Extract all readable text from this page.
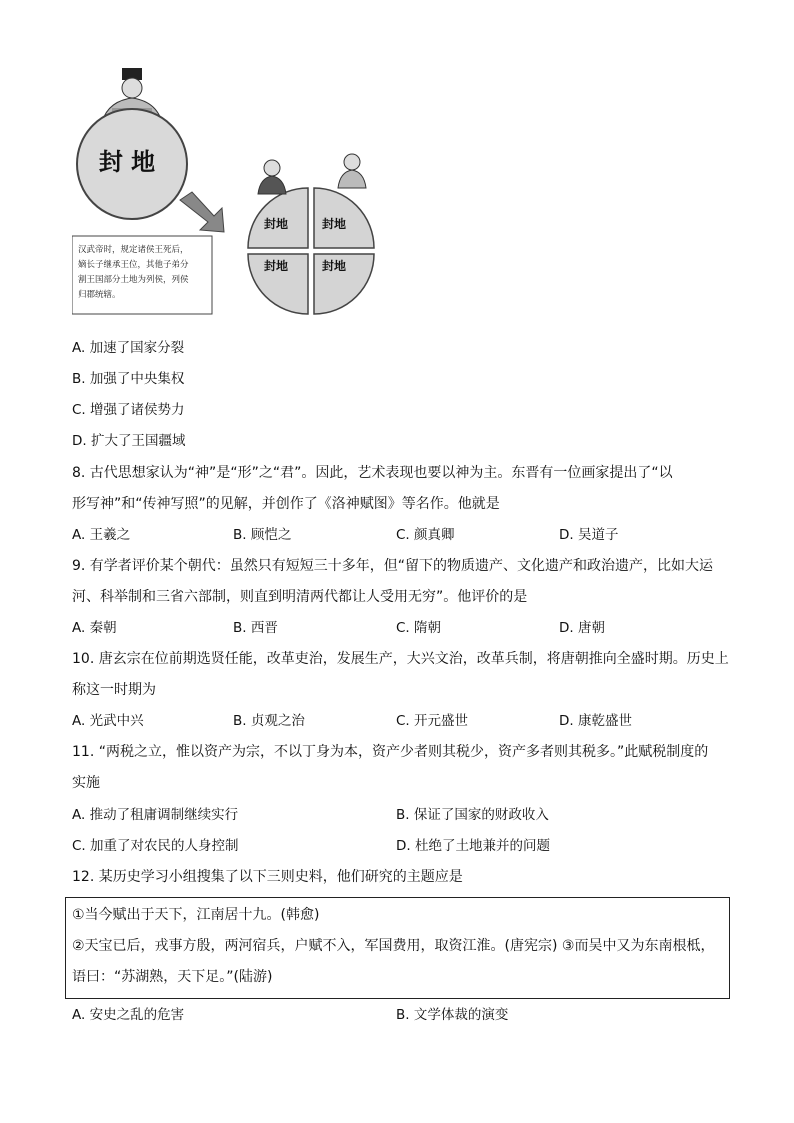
封 地
汉武帝时，规定诸侯王死后， 嫡长子继承王位，其他子弟分 割王国部分土地为列侯，列侯 归郡统辖。
封地	封地 封地	封地
A. 加速了国家分裂
B. 加强了中央集权
C. 增强了诸侯势力
D. 扩大了王国疆域
8. 古代思想家认为“神”是“形”之“君”。因此，艺术表现也要以神为主。东晋有一位画家提出了“以
形写神”和“传神写照”的见解，并创作了《洛神赋图》等名作。他就是
A. 王羲之	B. 顾恺之	C. 颜真卿	D. 吴道子
9. 有学者评价某个朝代：虽然只有短短三十多年，但“留下的物质遗产、文化遗产和政治遗产，比如大运
河、科举制和三省六部制，则直到明清两代都让人受用无穷”。他评价的是
A. 秦朝	B. 西晋	C. 隋朝	D. 唐朝
10. 唐玄宗在位前期选贤任能，改革吏治，发展生产，大兴文治，改革兵制，将唐朝推向全盛时期。历史上
称这一时期为
A. 光武中兴	B. 贞观之治	C. 开元盛世	D. 康乾盛世
11. “两税之立，惟以资产为宗，不以丁身为本，资产少者则其税少，资产多者则其税多。”此赋税制度的
实施
A. 推动了租庸调制继续实行	B. 保证了国家的财政收入
C. 加重了对农民的人身控制	D. 杜绝了土地兼并的问题
12. 某历史学习小组搜集了以下三则史料，他们研究的主题应是
①当今赋出于天下，江南居十九。(韩愈)
②天宝已后，戎事方殷，两河宿兵，户赋不入，军国费用，取资江淮。(唐宪宗) ③而吴中又为东南根柢，
语曰：“苏湖熟，天下足。”(陆游)
A. 安史之乱的危害	B. 文学体裁的演变
